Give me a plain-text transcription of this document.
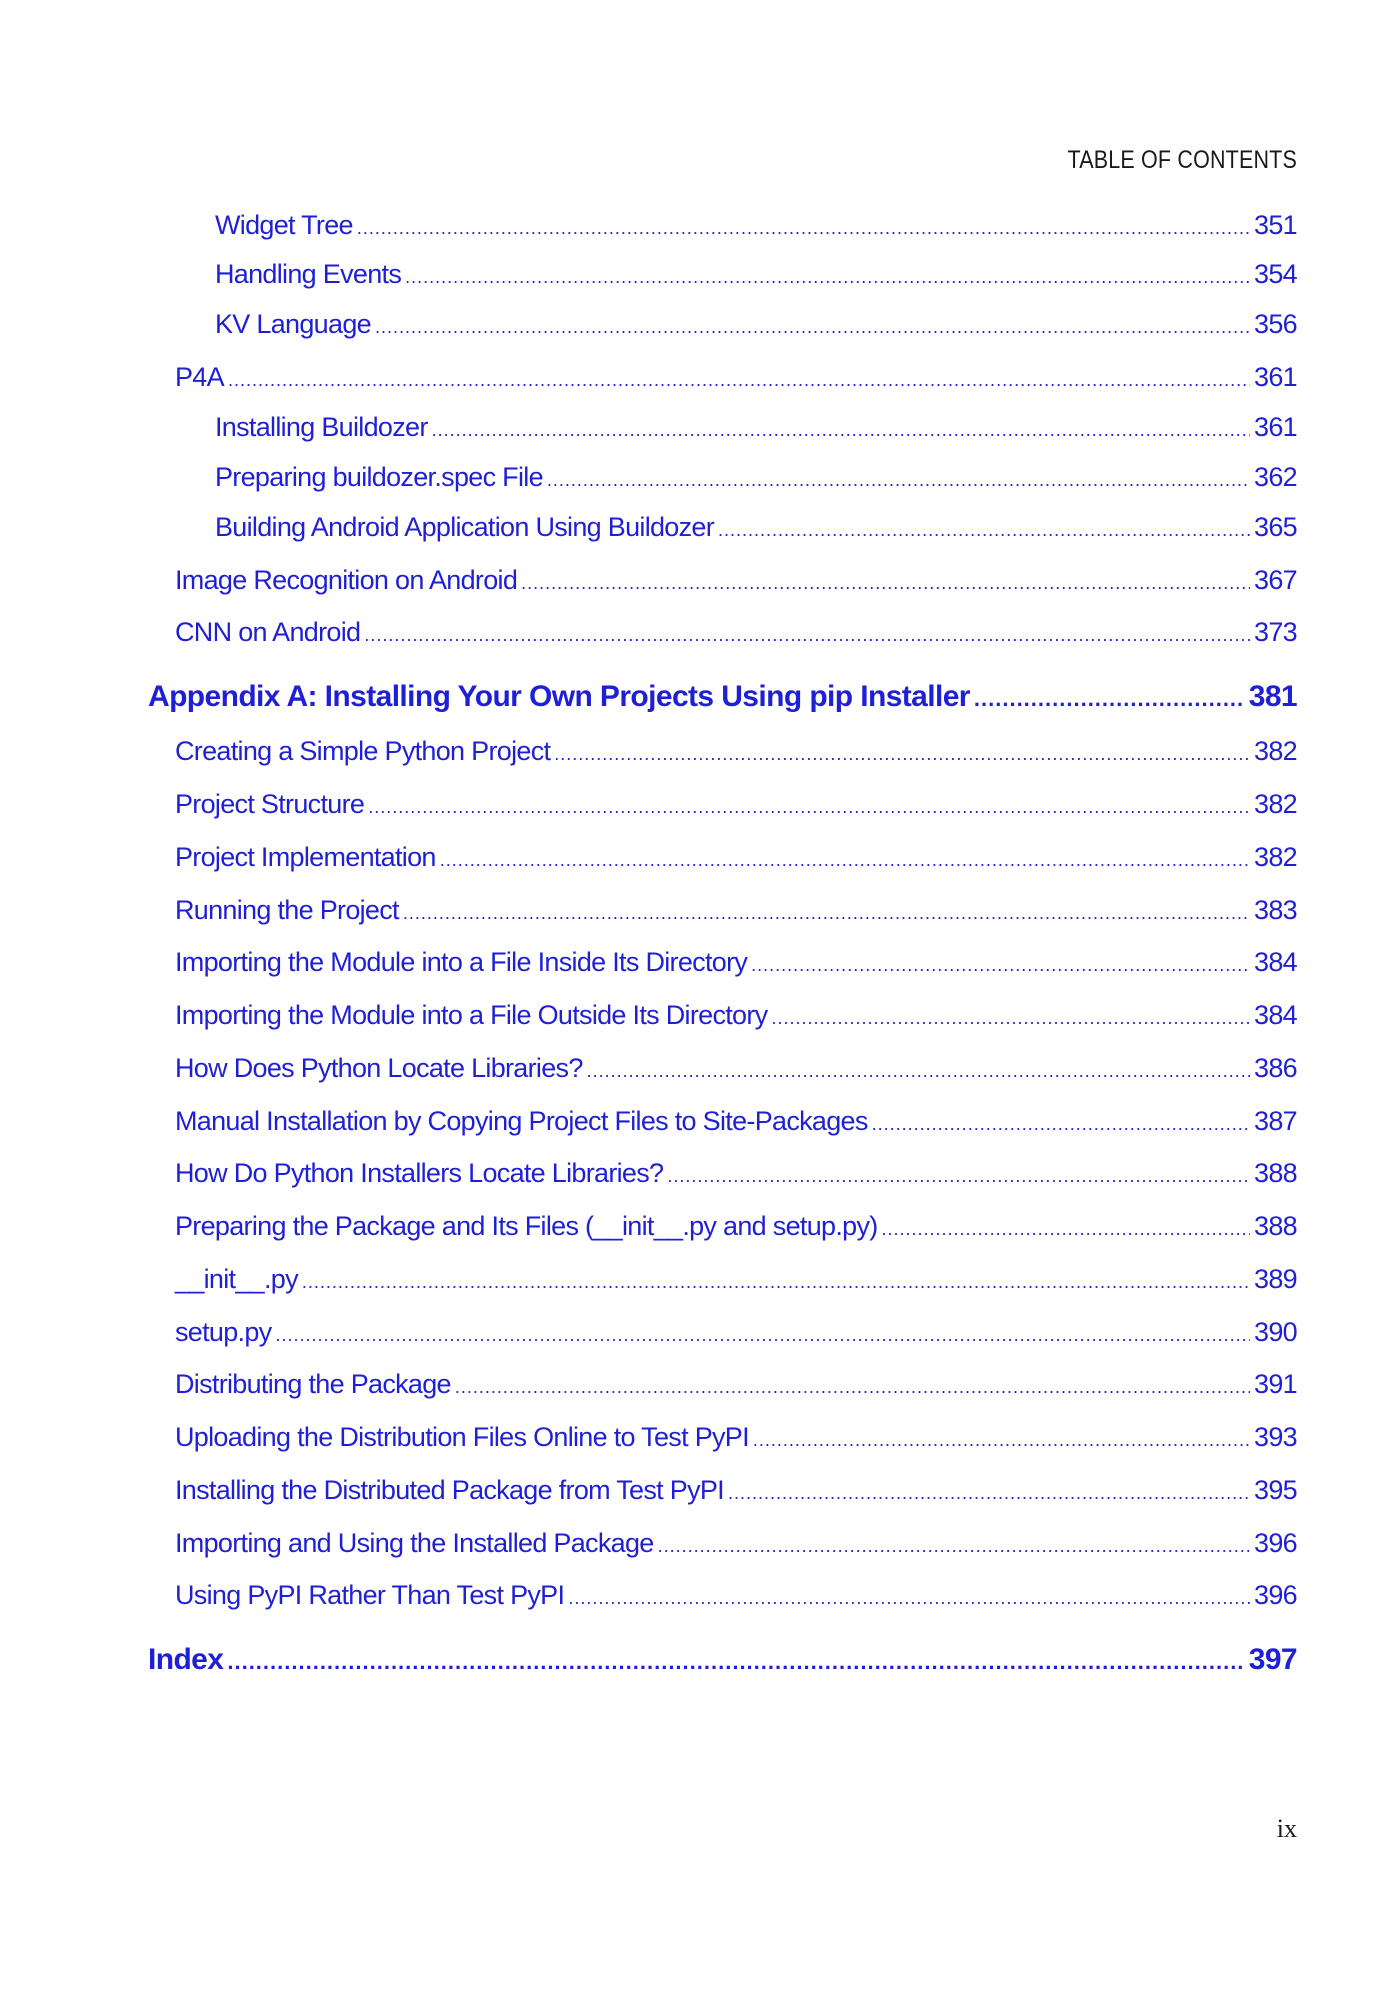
TABLE OF CONTENTS
Widget Tree .....	351
Handling Events .....	354
KV Language .....	356
P4A .....	361
Installing Buildozer .....	361
Preparing buildozer.spec File .....	362
Building Android Application Using Buildozer .....	365
Image Recognition on Android .....	367
CNN on Android .....	373
Appendix A: Installing Your Own Projects Using pip Installer .....	381
Creating a Simple Python Project .....	382
Project Structure .....	382
Project Implementation .....	382
Running the Project .....	383
Importing the Module into a File Inside Its Directory .....	384
Importing the Module into a File Outside Its Directory .....	384
How Does Python Locate Libraries? .....	386
Manual Installation by Copying Project Files to Site-Packages .....	387
How Do Python Installers Locate Libraries? .....	388
Preparing the Package and Its Files (__init__.py and setup.py) .....	388
__init__.py .....	389
setup.py .....	390
Distributing the Package .....	391
Uploading the Distribution Files Online to Test PyPI .....	393
Installing the Distributed Package from Test PyPI .....	395
Importing and Using the Installed Package .....	396
Using PyPI Rather Than Test PyPI .....	396
Index .....	397
ix
